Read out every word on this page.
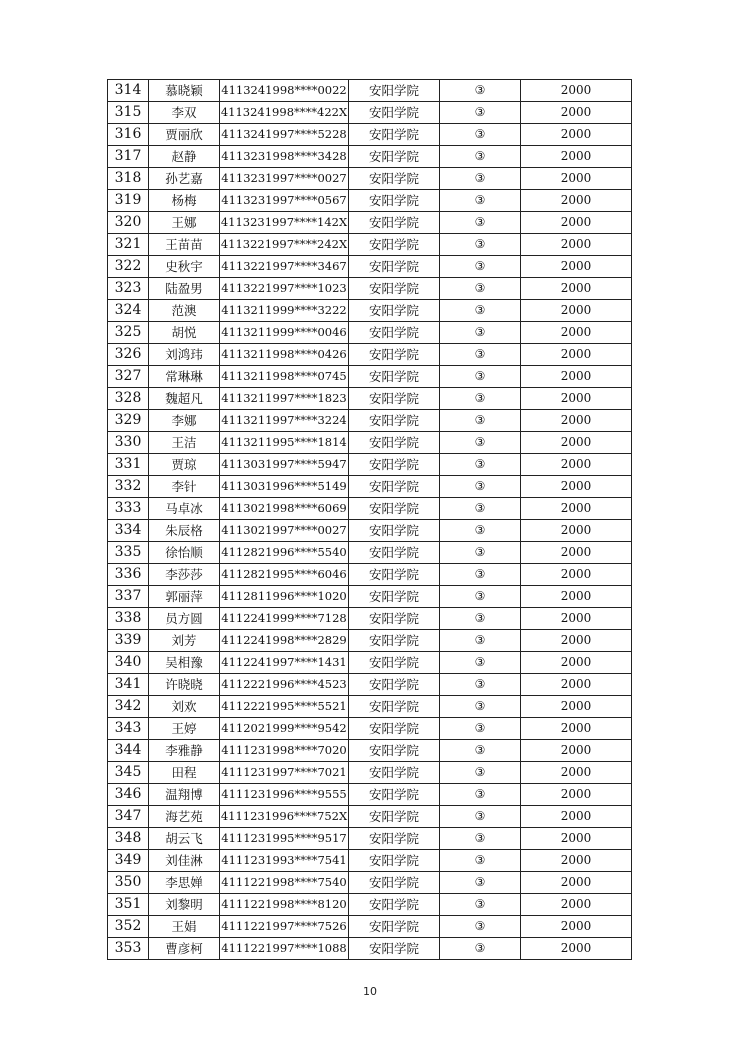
314	慕晓颖	4113241998****0022	安阳学院	③	2000
315	李双	4113241998****422X	安阳学院	③	2000
316	贾丽欣	4113241997****5228	安阳学院	③	2000
317	赵静	4113231998****3428	安阳学院	③	2000
318	孙艺嘉	4113231997****0027	安阳学院	③	2000
319	杨梅	4113231997****0567	安阳学院	③	2000
320	王娜	4113231997****142X	安阳学院	③	2000
321	王苗苗	4113221997****242X	安阳学院	③	2000
322	史秋宇	4113221997****3467	安阳学院	③	2000
323	陆盈男	4113221997****1023	安阳学院	③	2000
324	范澳	4113211999****3222	安阳学院	③	2000
325	胡悦	4113211999****0046	安阳学院	③	2000
326	刘鸿玮	4113211998****0426	安阳学院	③	2000
327	常琳琳	4113211998****0745	安阳学院	③	2000
328	魏超凡	4113211997****1823	安阳学院	③	2000
329	李娜	4113211997****3224	安阳学院	③	2000
330	王洁	4113211995****1814	安阳学院	③	2000
331	贾琼	4113031997****5947	安阳学院	③	2000
332	李针	4113031996****5149	安阳学院	③	2000
333	马卓冰	4113021998****6069	安阳学院	③	2000
334	朱辰格	4113021997****0027	安阳学院	③	2000
335	徐怡顺	4112821996****5540	安阳学院	③	2000
336	李莎莎	4112821995****6046	安阳学院	③	2000
337	郭丽萍	4112811996****1020	安阳学院	③	2000
338	员方圆	4112241999****7128	安阳学院	③	2000
339	刘芳	4112241998****2829	安阳学院	③	2000
340	吴相豫	4112241997****1431	安阳学院	③	2000
341	许晓晓	4112221996****4523	安阳学院	③	2000
342	刘欢	4112221995****5521	安阳学院	③	2000
343	王婷	4112021999****9542	安阳学院	③	2000
344	李雅静	4111231998****7020	安阳学院	③	2000
345	田程	4111231997****7021	安阳学院	③	2000
346	温翔博	4111231996****9555	安阳学院	③	2000
347	海艺苑	4111231996****752X	安阳学院	③	2000
348	胡云飞	4111231995****9517	安阳学院	③	2000
349	刘佳淋	4111231993****7541	安阳学院	③	2000
350	李思婵	4111221998****7540	安阳学院	③	2000
351	刘黎明	4111221998****8120	安阳学院	③	2000
352	王娟	4111221997****7526	安阳学院	③	2000
353	曹彦柯	4111221997****1088	安阳学院	③	2000
10
